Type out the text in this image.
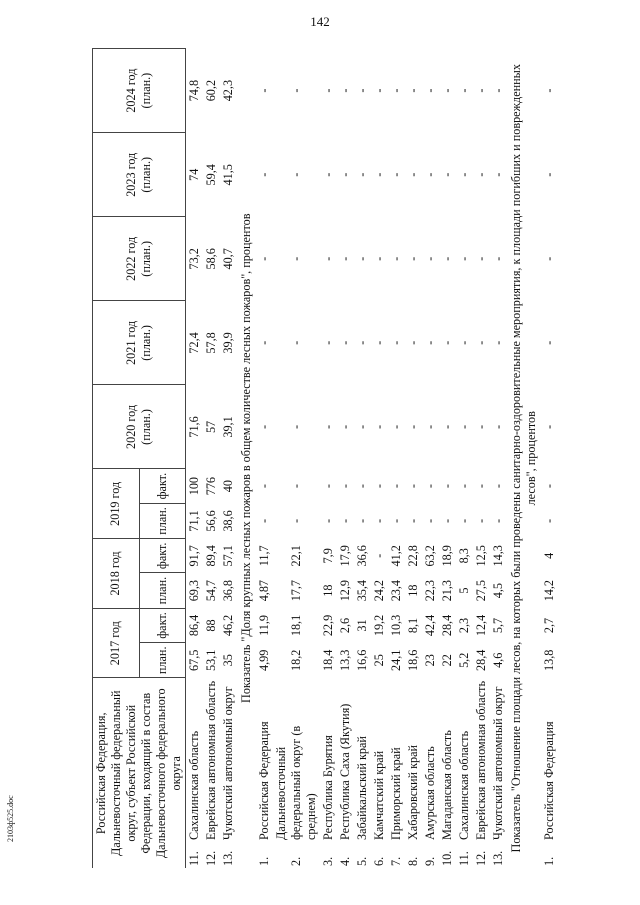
142
Российская Федерация, Дальневосточный федеральный округ, субъект Российской Федерации, входящий в состав Дальневосточного федерального округа		2017 год		2018 год		2019 год		2020 год (план.)	2021 год (план.)	2022 год (план.)	2023 год (план.)	2024 год (план.)
		план.	факт.	план.	факт.	план.	факт.					
11.	Сахалинская область	67,5	86,4	69,3	91,7	71,1	100	71,6	72,4	73,2	74	74,8
12.	Еврейская автономная область	53,1	88	54,7	89,4	56,6	776	57	57,8	58,6	59,4	60,2
13.	Чукотский автономный округ	35	46,2	36,8	57,1	38,6	40	39,1	39,9	40,7	41,5	42,3
Показатель "Доля крупных лесных пожаров в общем количестве лесных пожаров", процентов												
1.	Российская Федерация	4,99	11,9	4,87	11,7	-	-	-	-	-	-	-
2.	Дальневосточный федеральный округ (в среднем)	18,2	18,1	17,7	22,1	-	-	-	-	-	-	-
3.	Республика Бурятия	18,4	22,9	18	7,9	-	-	-	-	-	-	-
4.	Республика Саха (Якутия)	13,3	2,6	12,9	17,9	-	-	-	-	-	-	-
5.	Забайкальский край	16,6	31	35,4	36,6	-	-	-	-	-	-	-
6.	Камчатский край	25	19,2	24,2	-	-	-	-	-	-	-	-
7.	Приморский край	24,1	10,3	23,4	41,2	-	-	-	-	-	-	-
8.	Хабаровский край	18,6	8,1	18	22,8	-	-	-	-	-	-	-
9.	Амурская область	23	42,4	22,3	63,2	-	-	-	-	-	-	-
10.	Магаданская область	22	28,4	21,3	18,9	-	-	-	-	-	-	-
11.	Сахалинская область	5,2	2,3	5	8,3	-	-	-	-	-	-	-
12.	Еврейская автономная область	28,4	12,4	27,5	12,5	-	-	-	-	-	-	-
13.	Чукотский автономный округ	4,6	5,7	4,5	14,3	-	-	-	-	-	-	-
Показатель "Отношение площади лесов, на которых были проведены санитарно-оздоровительные мероприятия, к площади погибших и поврежденных лесов", процентов												
1.	Российская Федерация	13,8	2,7	14,2	4	-	-	-	-	-	-	-
2103ф525.doc
